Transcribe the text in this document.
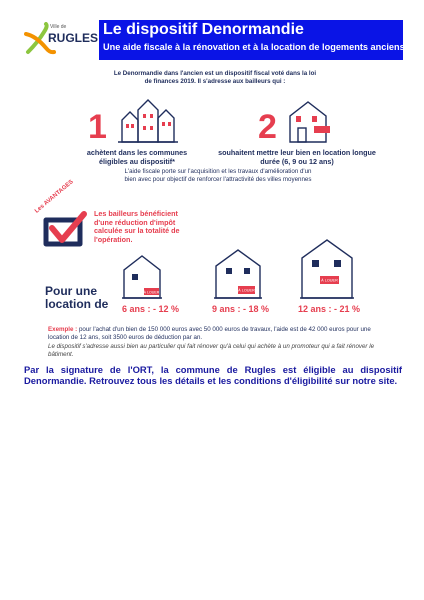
Ville de
RUGLES Le dispositif Denormandie
Une aide fiscale à la rénovation et à la location de logements anciens
Le Denormandie dans l'ancien est un dispositif fiscal voté dans la loi de finances 2019. Il s'adresse aux bailleurs qui :
1
achètent dans les communes éligibles au dispositif*
2
souhaitent mettre leur bien en location longue durée (6, 9 ou 12 ans)
L'aide fiscale porte sur l'acquisition et les travaux d'amélioration d'un bien avec pour objectif de renforcer l'attractivité des villes moyennes
Les AVANTAGES	Les bailleurs bénéficient d'une réduction d'impôt calculée sur la totalité de l'opération.
Pour une location de
À LOUER	À LOUER
À LOUER
6 ans : - 12 %	9 ans : - 18 %	12 ans : - 21 %
Exemple : pour l'achat d'un bien de 150 000 euros avec 50 000 euros de travaux, l'aide est de 42 000 euros pour une location de 12 ans, soit 3500 euros de déduction par an.
Le dispositif s'adresse aussi bien au particulier qui fait rénover qu'à celui qui achète à un promoteur qui a fait rénover le bâtiment.
Par la signature de l'ORT, la commune de Rugles est éligible au dispositif Denormandie. Retrouvez tous les détails et les conditions d'éligibilité sur notre site.
